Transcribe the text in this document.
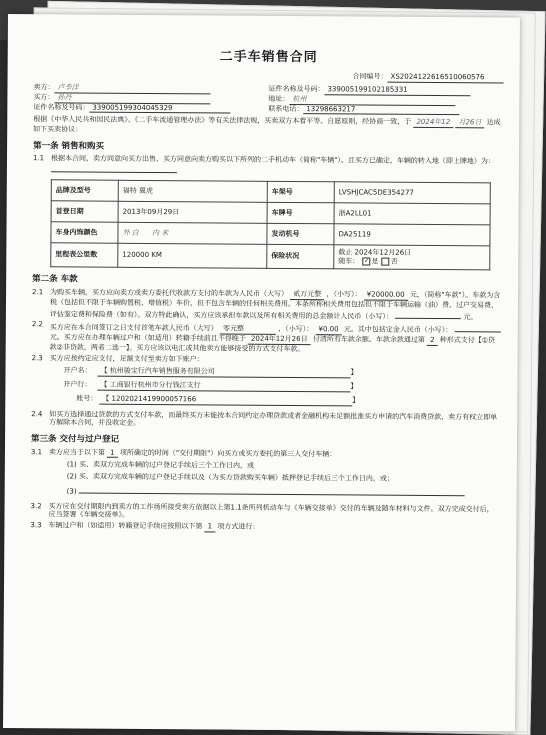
二手车销售合同
合同编号： XS2024122616510060576
卖方： 卢李洋	证件名称及号码： 339005199102185331
买方： 孙丹	地址： 杭州
证件名称及号码： 339005199304045329	联系电话： 13298663217
根据《中华人民共和国民法典》、《二手车流通管理办法》等有关法律法规，买卖双方本着平等、自愿原则，经协商一致，于 2024年12 月26日 达成如下买卖协议：
第一条 销售和购买
1.1 根据本合同，卖方同意向买方出售、买方同意向卖方购买以下所列的二手机动车（简称"车辆"）。且买方已确定，车辆的转入地（即上牌地）为：
品牌及型号	福特 翼虎	车架号	LVSHJCAC5DE354277
首登日期	2013年09月29日	车牌号	浙A2LL01
车身内饰颜色	外 白 内 米	发动机号	DA25119
里程表公里数	120000 KM	保险状况	截止 2024年12月26日
随车： ✓ 是 否
第二条 车款
2.1 为购买车辆，买方应向卖方或卖方委托代收款方支付的车款为人民币（大写） 贰万元整 ，（小写）： ¥20000.00 元，（简称"车款"）。车款为含税（包括但不限于车辆购置税、增值税）车价，但不包含车辆的任何相关费用。本条所称相关费用包括但不限于车辆运输（油）费、过户交易费、评估鉴定费和保险费（如有）。双方特此确认，买方应该承担车款以及所有相关费用的总金额计人民币（小写）：	元。
2.2 买方应在本合同签订之日支付首笔车款人民币（大写） 零元整	，（小写）： ¥0.00 元。其中包括定金人民币（小写）：  元。买方应在办理车辆过户和（如适用）转籍手续前且不得晚于 2024年12月26日 付清所有车款余额。车款余款通过第 2 种形式支付【①贷款②非贷款，两者二选一】。买方应该以电汇或其他卖方能够接受的方式支付车款。
2.3 买方应按约定应支付，足额支付至卖方如下账户：
开户名：	【 杭州骏宝行汽车销售服务有限公司	】
开户行：	【 工商银行杭州市分行钱江支行	】
账号： 【 1202021419900057166	】
2.4 如买方选择通过贷款的方式支付车款，而最终买方未能按本合同约定办理贷款或者金融机构未足额批准买方申请的汽车消费贷款，卖方有权立即单方解除本合同，并没收定金。
第三条 交付与过户登记
3.1 卖方应当于以下第 1 项所确定的时间（"交付期限"）向买方或买方委托的第三人交付车辆：
(1) 买、卖双方完成车辆的过户登记手续后三个工作日内，或
(2) 买、卖双方完成车辆的过户登记手续以及（为买方贷款购买车辆）抵押登记手续后三个工作日内，或；
(3)
3.2 买方应在交付期限内到卖方的工作场所接受卖方依据以上第1.1条所列机动车与《车辆交接单》交付的车辆及随车材料与文件。双方完成交付后，应当签署《车辆交接单》。
3.3 车辆过户和（如适用）转籍登记手续应按照以下第 1 项方式进行：
